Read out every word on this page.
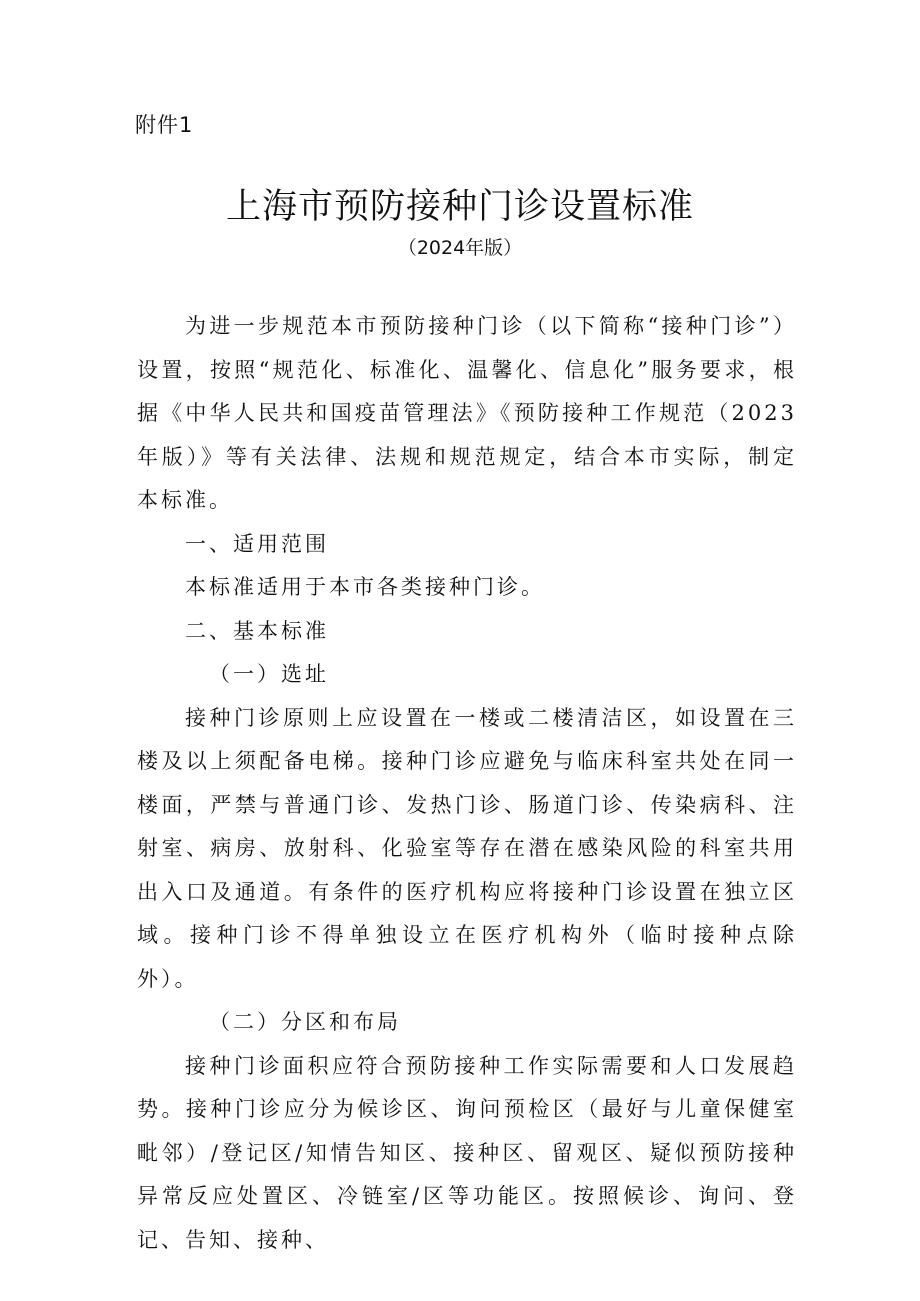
附件1
上海市预防接种门诊设置标准
（2024年版）

为进一步规范本市预防接种门诊（以下简称“接种门诊”）设置，按照“规范化、标准化、温馨化、信息化”服务要求，根据《中华人民共和国疫苗管理法》《预防接种工作规范（2023年版）》等有关法律、法规和规范规定，结合本市实际，制定本标准。

一、适用范围

本标准适用于本市各类接种门诊。

二、基本标准

（一）选址

接种门诊原则上应设置在一楼或二楼清洁区，如设置在三楼及以上须配备电梯。接种门诊应避免与临床科室共处在同一楼面，严禁与普通门诊、发热门诊、肠道门诊、传染病科、注射室、病房、放射科、化验室等存在潜在感染风险的科室共用出入口及通道。有条件的医疗机构应将接种门诊设置在独立区域。接种门诊不得单独设立在医疗机构外（临时接种点除外）。

（二）分区和布局

接种门诊面积应符合预防接种工作实际需要和人口发展趋势。接种门诊应分为候诊区、询问预检区（最好与儿童保健室毗邻）/登记区/知情告知区、接种区、留观区、疑似预防接种异常反应处置区、冷链室/区等功能区。按照候诊、询问、登记、告知、接种、
